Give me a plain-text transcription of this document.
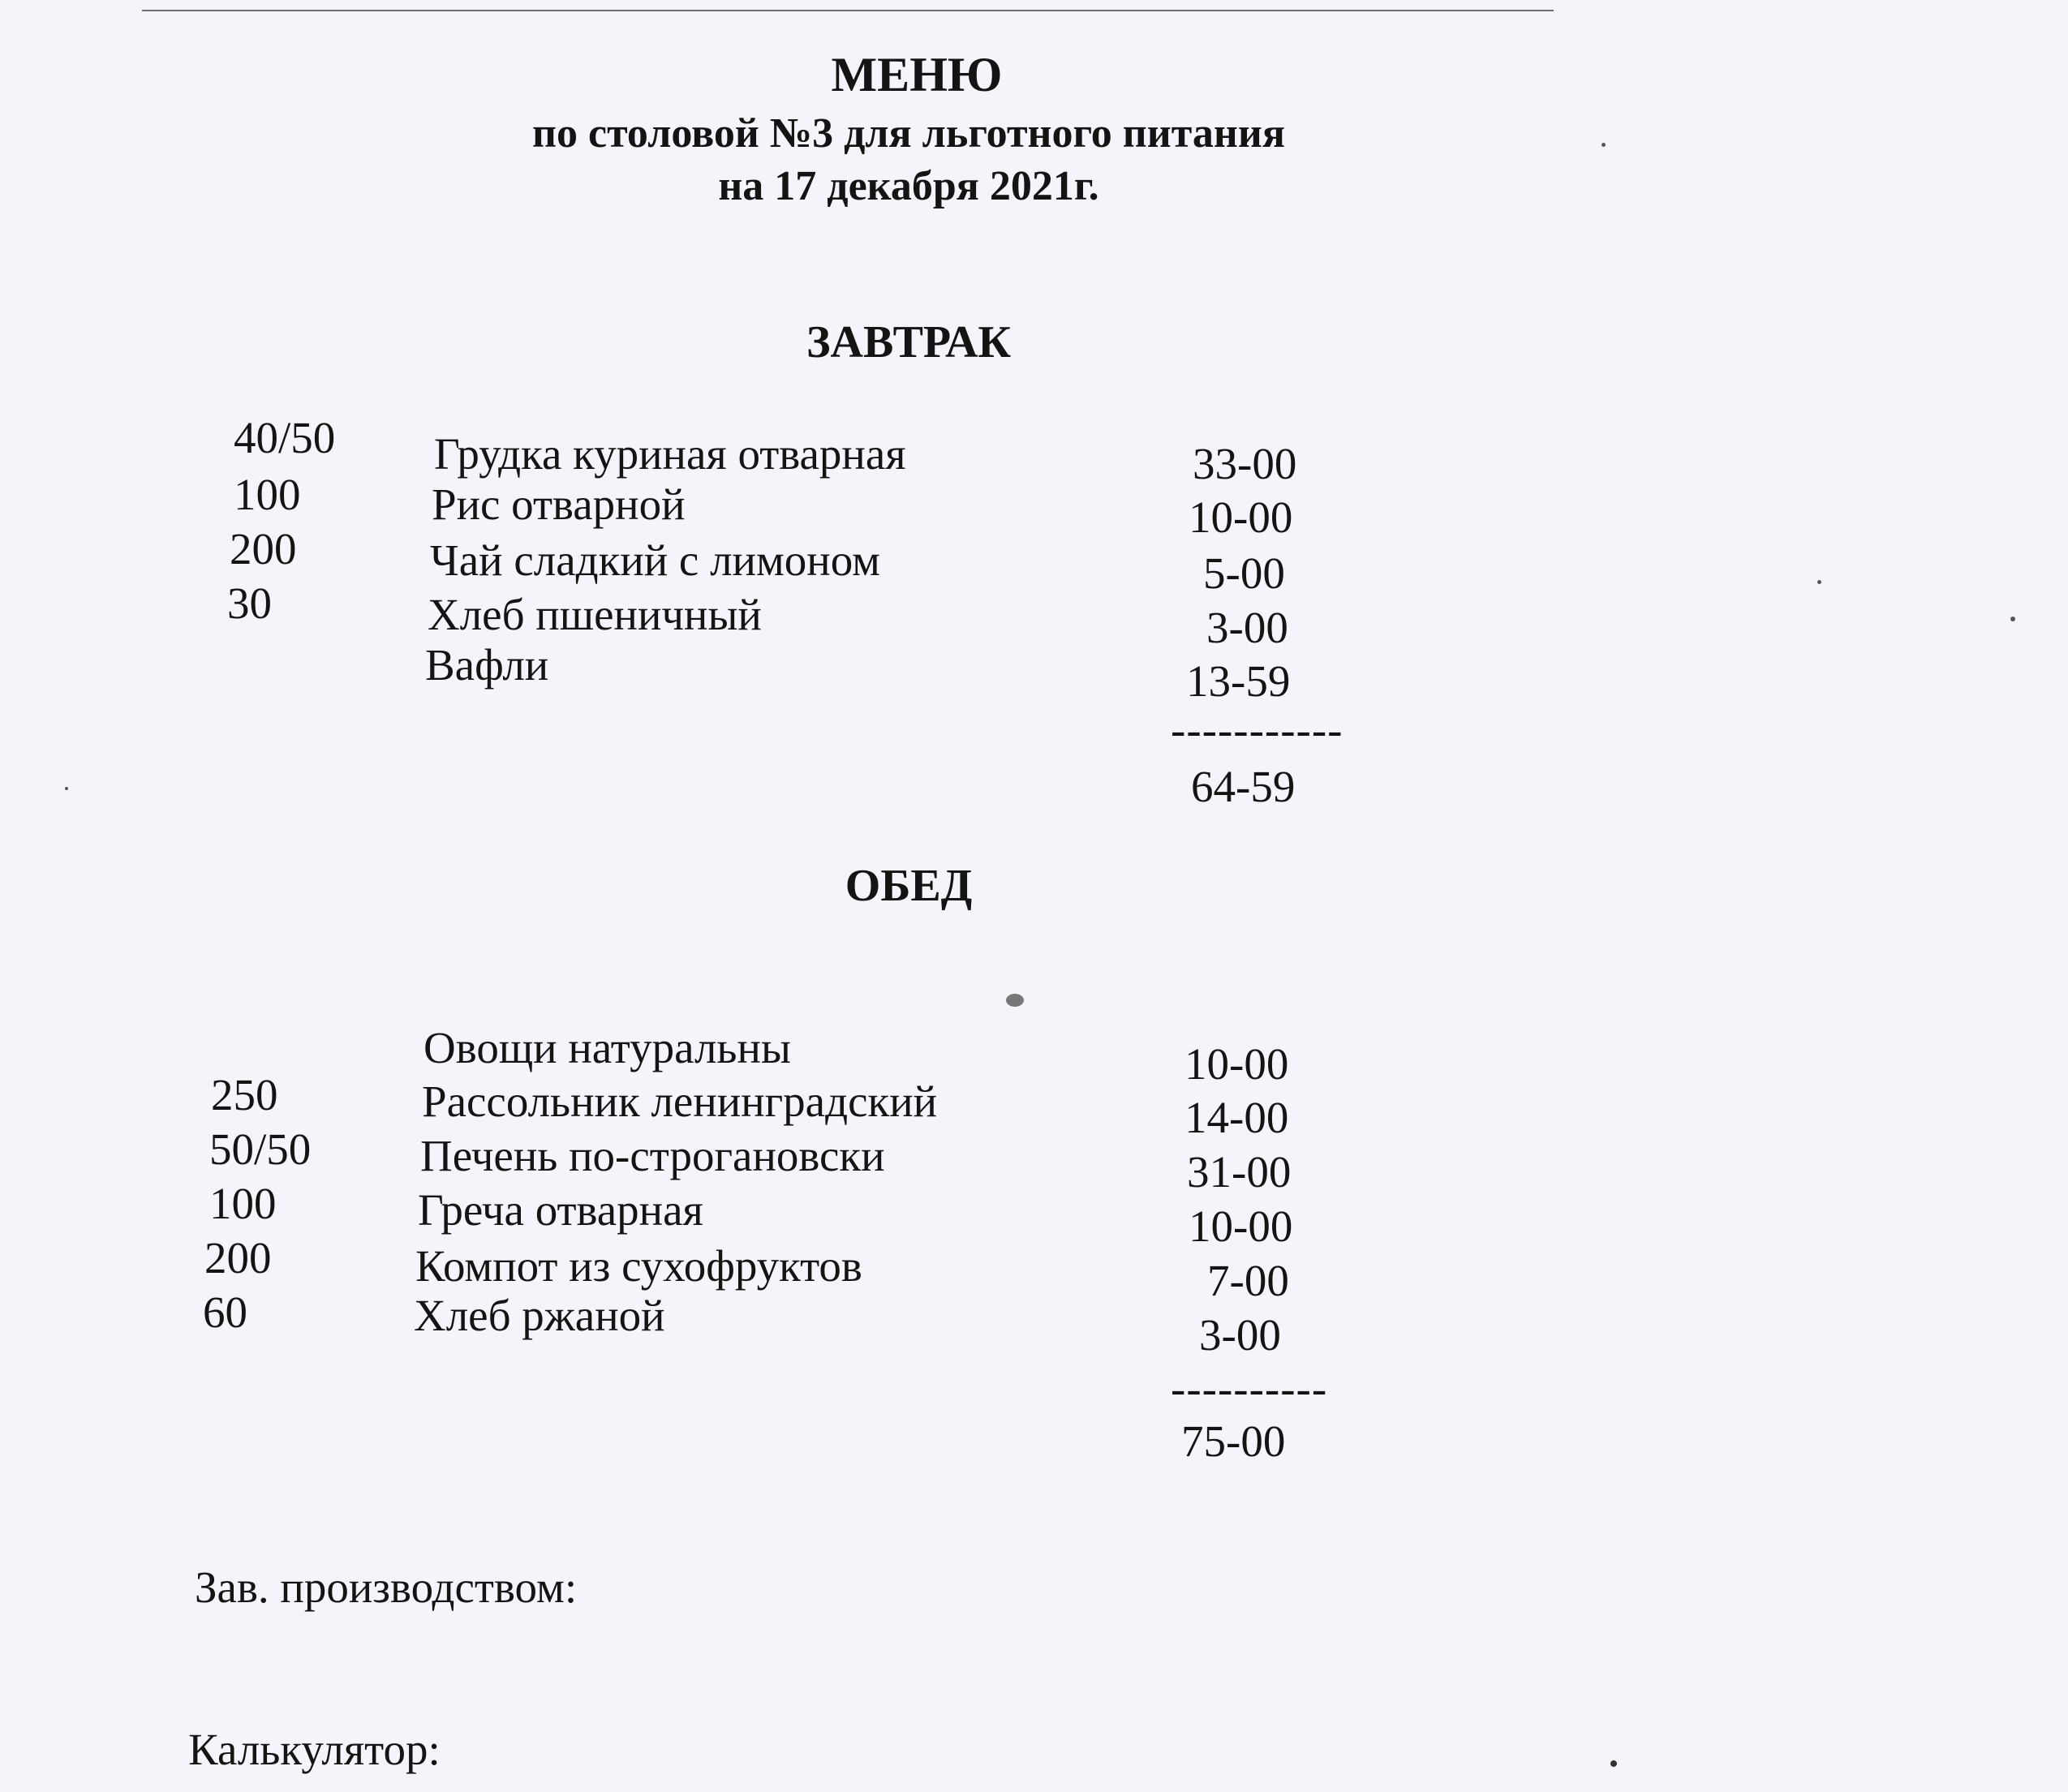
МЕНЮ
по столовой №3 для льготного питания
на 17 декабря 2021г.
ЗАВТРАК
40/50 Грудка куриная отварная	33-00
100	Рис отварной	10-00
200	Чай сладкий с лимоном	5-00
30	Хлеб пшеничный	3-00
Вафли	13-59
-----------
64-59
ОБЕД
Овощи натуральны	10-00
250	Рассольник ленинградский	14-00
50/50 Печень по-строгановски	31-00
100	Греча отварная	10-00
200	Компот из сухофруктов	7-00
60	Хлеб ржаной	3-00
----------
75-00
Зав. производством:
Калькулятор:
